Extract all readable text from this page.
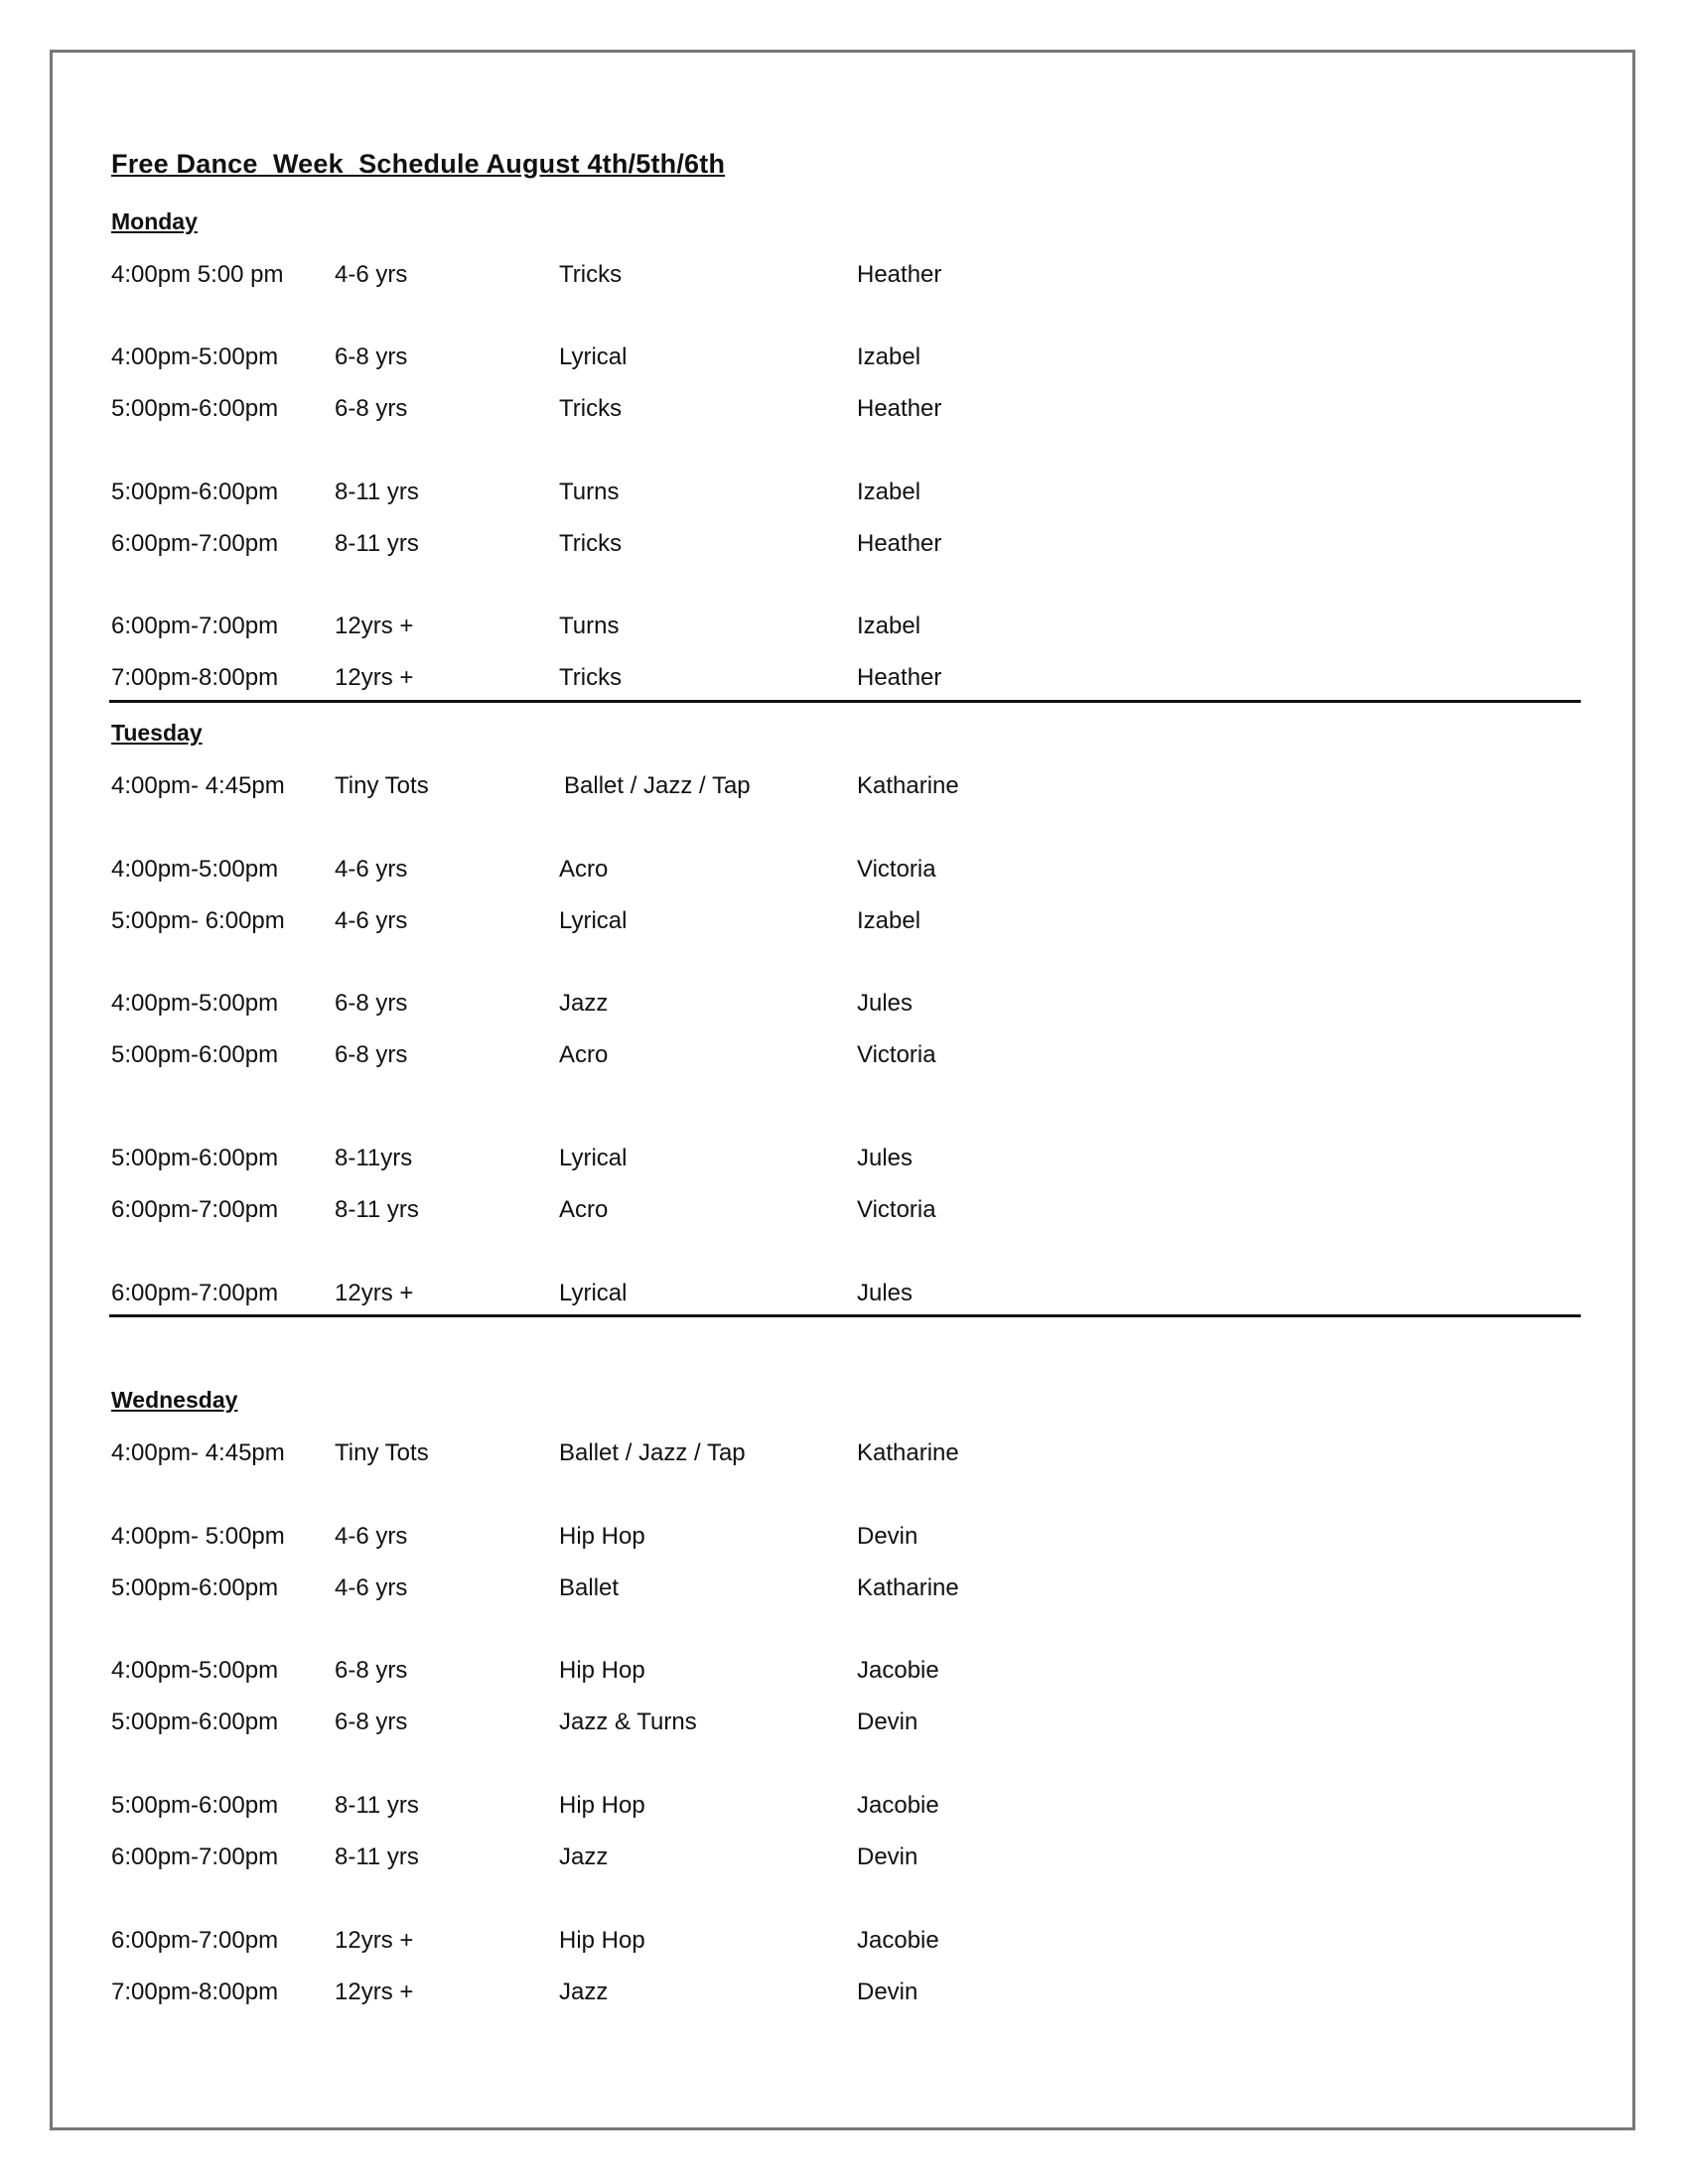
Free Dance  Week  Schedule August 4th/5th/6th
Monday
4:00pm 5:00 pm 4-6 yrs	Tricks	Heather
4:00pm-5:00pm 6-8 yrs	Lyrical	Izabel
5:00pm-6:00pm 6-8 yrs	Tricks	Heather
5:00pm-6:00pm 8-11 yrs	Turns	Izabel
6:00pm-7:00pm 8-11 yrs	Tricks	Heather
6:00pm-7:00pm 12yrs +	Turns	Izabel
7:00pm-8:00pm 12yrs +	Tricks	Heather
Tuesday
4:00pm- 4:45pm Tiny Tots	Ballet / Jazz / Tap	Katharine
4:00pm-5:00pm 4-6 yrs	Acro	Victoria
5:00pm- 6:00pm 4-6 yrs	Lyrical	Izabel
4:00pm-5:00pm 6-8 yrs	Jazz	Jules
5:00pm-6:00pm 6-8 yrs	Acro	Victoria
5:00pm-6:00pm 8-11yrs	Lyrical	Jules
6:00pm-7:00pm 8-11 yrs	Acro	Victoria
6:00pm-7:00pm 12yrs +	Lyrical	Jules
Wednesday
4:00pm- 4:45pm Tiny Tots	Ballet / Jazz / Tap	Katharine
4:00pm- 5:00pm 4-6 yrs	Hip Hop	Devin
5:00pm-6:00pm 4-6 yrs	Ballet	Katharine
4:00pm-5:00pm 6-8 yrs	Hip Hop	Jacobie
5:00pm-6:00pm 6-8 yrs	Jazz & Turns	Devin
5:00pm-6:00pm 8-11 yrs	Hip Hop	Jacobie
6:00pm-7:00pm 8-11 yrs	Jazz	Devin
6:00pm-7:00pm 12yrs +	Hip Hop	Jacobie
7:00pm-8:00pm 12yrs +	Jazz	Devin
